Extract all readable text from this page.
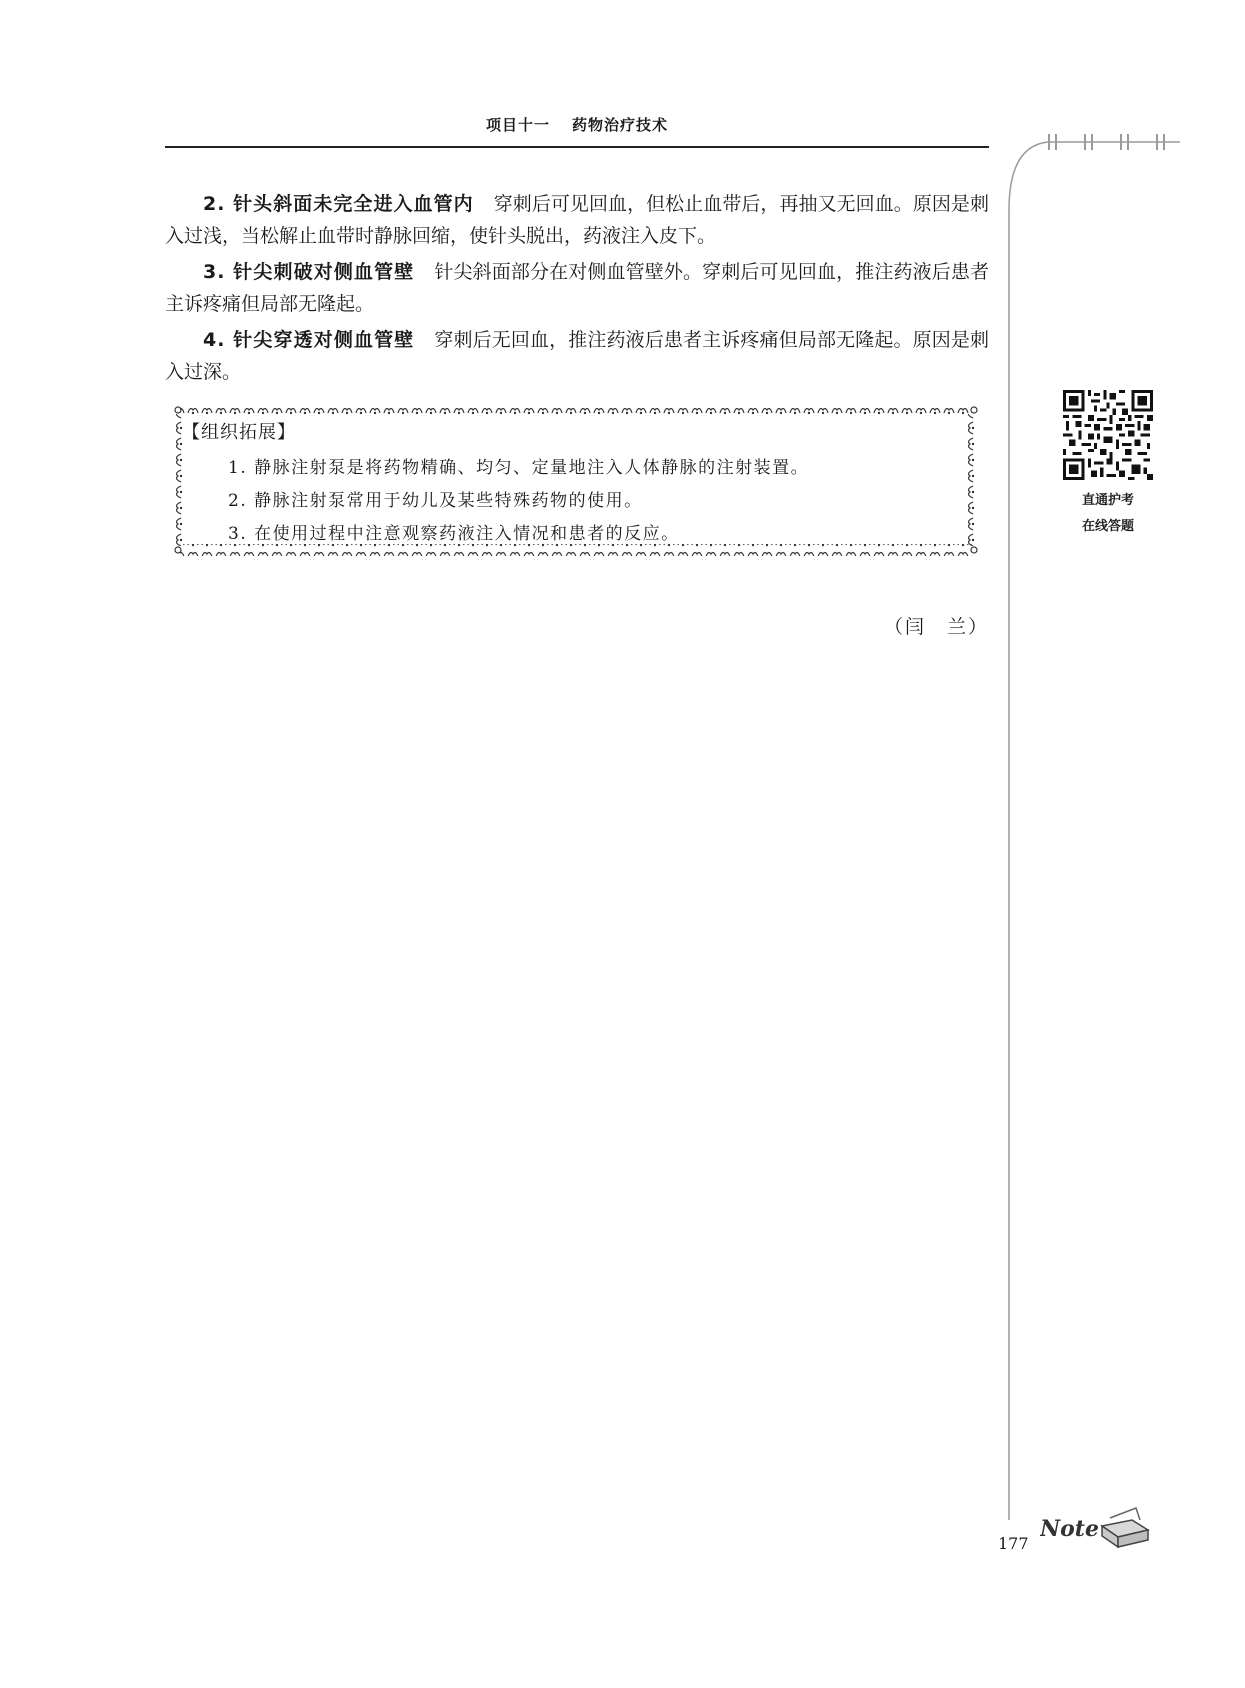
项目十一 药物治疗技术

2. 针头斜面未完全进入血管内 穿刺后可见回血，但松止血带后，再抽又无回血。原因是刺入过浅，当松解止血带时静脉回缩，使针头脱出，药液注入皮下。

3. 针尖刺破对侧血管壁 针尖斜面部分在对侧血管壁外。穿刺后可见回血，推注药液后患者主诉疼痛但局部无隆起。

4. 针尖穿透对侧血管壁 穿刺后无回血，推注药液后患者主诉疼痛但局部无隆起。原因是刺入过深。

【组织拓展】
1. 静脉注射泵是将药物精确、均匀、定量地注入人体静脉的注射装置。
2. 静脉注射泵常用于幼儿及某些特殊药物的使用。
3. 在使用过程中注意观察药液注入情况和患者的反应。
（闫　兰）
直通护考
在线答题
Note
177
